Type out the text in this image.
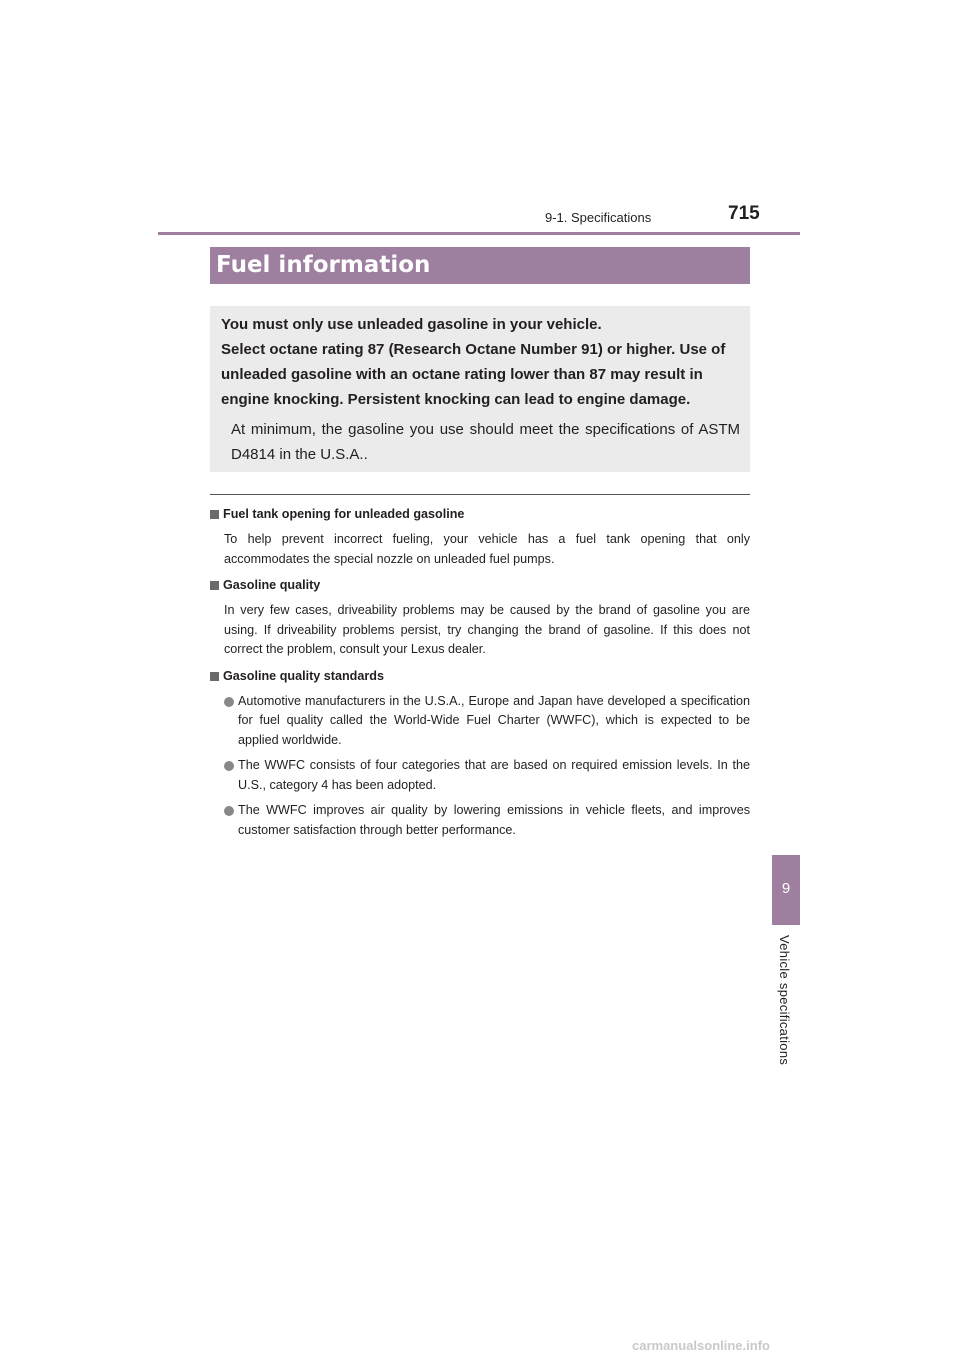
9-1. Specifications	715
Fuel information

You must only use unleaded gasoline in your vehicle.

Select octane rating 87 (Research Octane Number 91) or higher. Use of unleaded gasoline with an octane rating lower than 87 may result in engine knocking. Persistent knocking can lead to engine damage.

At minimum, the gasoline you use should meet the specifications of ASTM D4814 in the U.S.A..

Fuel tank opening for unleaded gasoline

To help prevent incorrect fueling, your vehicle has a fuel tank opening that only accommodates the special nozzle on unleaded fuel pumps.

Gasoline quality

In very few cases, driveability problems may be caused by the brand of gasoline you are using. If driveability problems persist, try changing the brand of gasoline. If this does not correct the problem, consult your Lexus dealer.

Gasoline quality standards
Automotive manufacturers in the U.S.A., Europe and Japan have developed a specification for fuel quality called the World-Wide Fuel Charter (WWFC), which is expected to be applied worldwide.
The WWFC consists of four categories that are based on required emission levels. In the U.S., category 4 has been adopted.
The WWFC improves air quality by lowering emissions in vehicle fleets, and improves customer satisfaction through better performance.
9
Vehicle specifications
carmanualsonline.info
